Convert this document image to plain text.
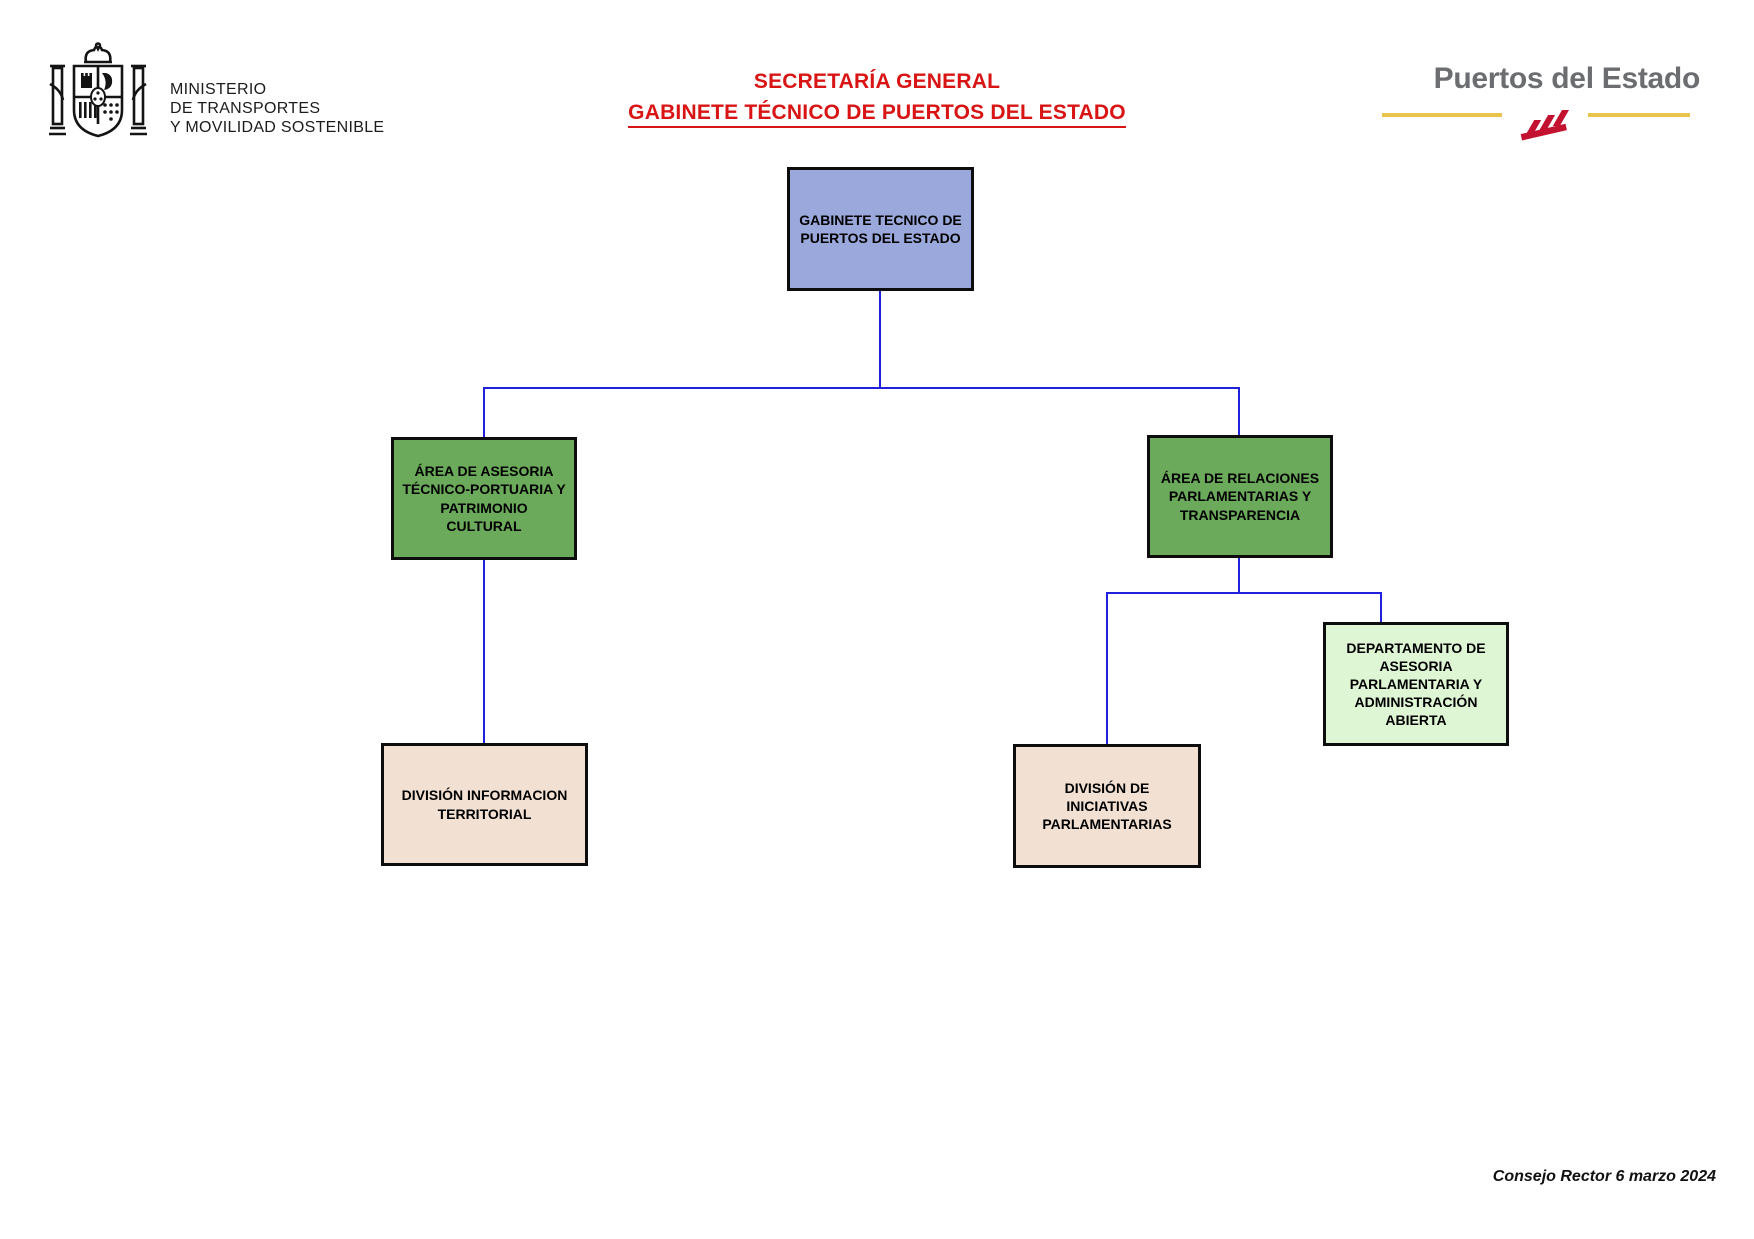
MINISTERIO
DE TRANSPORTES
Y MOVILIDAD SOSTENIBLE
SECRETARÍA GENERAL
GABINETE TÉCNICO DE PUERTOS DEL ESTADO
Puertos del Estado
GABINETE TECNICO DE PUERTOS DEL ESTADO
ÁREA DE ASESORIA TÉCNICO-PORTUARIA Y PATRIMONIO CULTURAL
ÁREA DE RELACIONES PARLAMENTARIAS Y TRANSPARENCIA
DIVISIÓN INFORMACION TERRITORIAL
DIVISIÓN DE INICIATIVAS PARLAMENTARIAS
DEPARTAMENTO DE ASESORIA PARLAMENTARIA Y ADMINISTRACIÓN ABIERTA
Consejo Rector 6 marzo 2024
